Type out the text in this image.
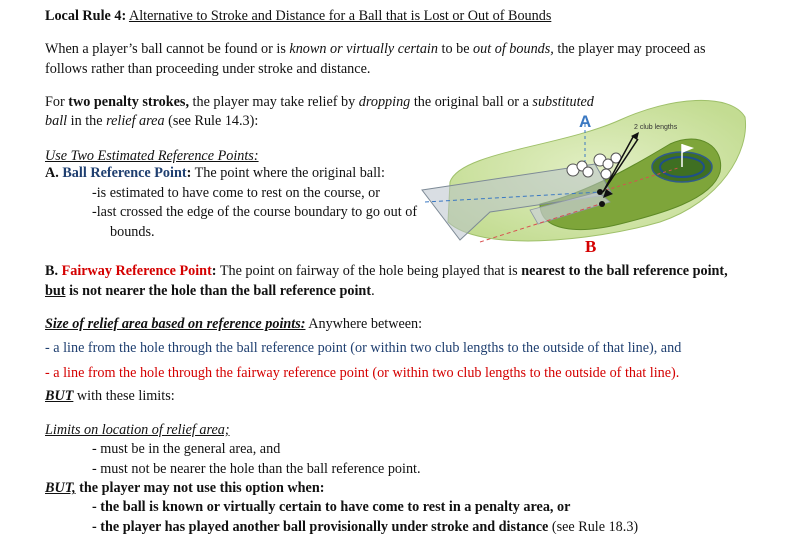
Local Rule 4: Alternative to Stroke and Distance for a Ball that is Lost or Out of Bounds
When a player’s ball cannot be found or is known or virtually certain to be out of bounds, the player may proceed as
follows rather than proceeding under stroke and distance.
For two penalty strokes, the player may take relief by dropping the original ball or a substituted
ball in the relief area (see Rule 14.3):
Use Two Estimated Reference Points:
A. Ball Reference Point: The point where the original ball:
-is estimated to have come to rest on the course, or
-last crossed the edge of the course boundary to go out of
bounds.
A
B
2 club lengths
B. Fairway Reference Point: The point on fairway of the hole being played that is nearest to the ball reference point,
but is not nearer the hole than the ball reference point.
Size of relief area based on reference points: Anywhere between:
- a line from the hole through the ball reference point (or within two club lengths to the outside of that line), and
- a line from the hole through the fairway reference point (or within two club lengths to the outside of that line).
BUT with these limits:
Limits on location of relief area;
- must be in the general area, and
- must not be nearer the hole than the ball reference point.
BUT, the player may not use this option when:
- the ball is known or virtually certain to have come to rest in a penalty area, or
- the player has played another ball provisionally under stroke and distance (see Rule 18.3)
